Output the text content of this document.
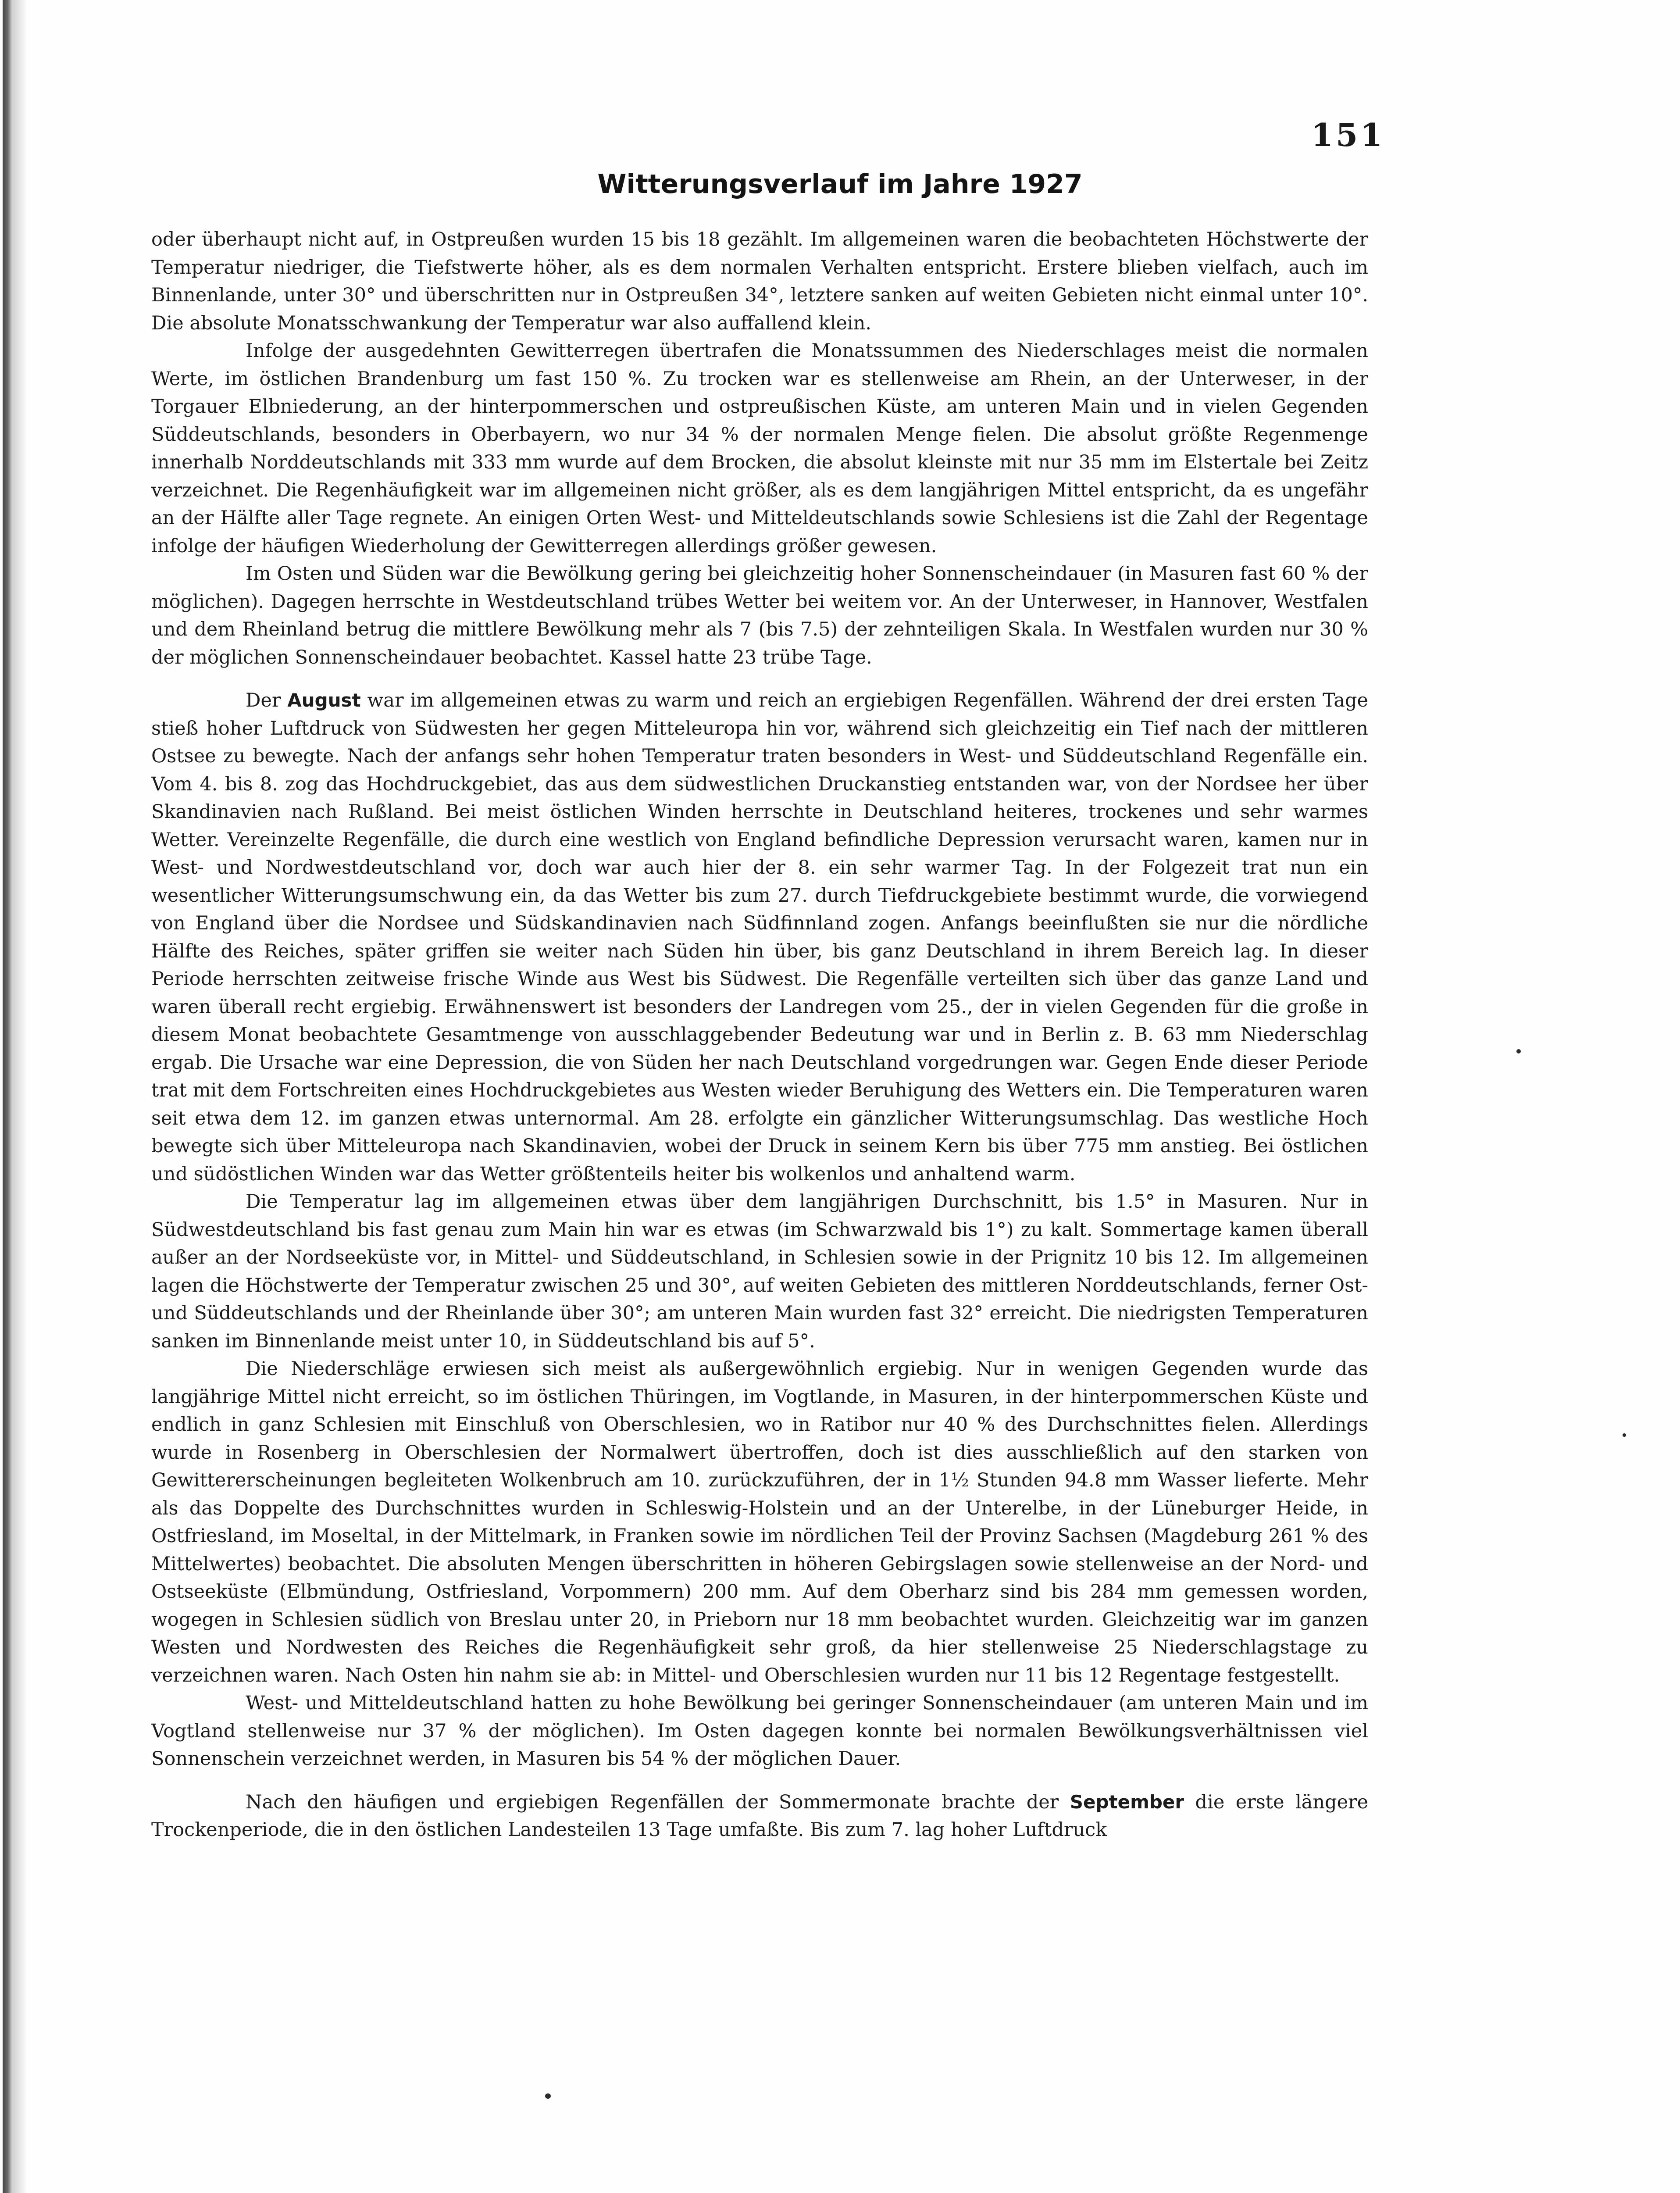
151
Witterungsverlauf im Jahre 1927

oder überhaupt nicht auf, in Ostpreußen wurden 15 bis 18 gezählt. Im allgemeinen waren die beobachteten Höchstwerte der Temperatur niedriger, die Tiefstwerte höher, als es dem normalen Verhalten entspricht. Erstere blieben vielfach, auch im Binnenlande, unter 30° und überschritten nur in Ostpreußen 34°, letztere sanken auf weiten Gebieten nicht einmal unter 10°. Die absolute Monatsschwankung der Temperatur war also auffallend klein.

Infolge der ausgedehnten Gewitterregen übertrafen die Monatssummen des Niederschlages meist die normalen Werte, im östlichen Brandenburg um fast 150 %. Zu trocken war es stellenweise am Rhein, an der Unterweser, in der Torgauer Elbniederung, an der hinterpommerschen und ostpreußischen Küste, am unteren Main und in vielen Gegenden Süddeutschlands, besonders in Oberbayern, wo nur 34 % der normalen Menge fielen. Die absolut größte Regenmenge innerhalb Norddeutschlands mit 333 mm wurde auf dem Brocken, die absolut kleinste mit nur 35 mm im Elstertale bei Zeitz verzeichnet. Die Regenhäufigkeit war im allgemeinen nicht größer, als es dem langjährigen Mittel entspricht, da es ungefähr an der Hälfte aller Tage regnete. An einigen Orten West- und Mitteldeutschlands sowie Schlesiens ist die Zahl der Regentage infolge der häufigen Wiederholung der Gewitterregen allerdings größer gewesen.

Im Osten und Süden war die Bewölkung gering bei gleichzeitig hoher Sonnenscheindauer (in Masuren fast 60 % der möglichen). Dagegen herrschte in Westdeutschland trübes Wetter bei weitem vor. An der Unterweser, in Hannover, Westfalen und dem Rheinland betrug die mittlere Bewölkung mehr als 7 (bis 7.5) der zehnteiligen Skala. In Westfalen wurden nur 30 % der möglichen Sonnenscheindauer beobachtet. Kassel hatte 23 trübe Tage.

Der August war im allgemeinen etwas zu warm und reich an ergiebigen Regenfällen. Während der drei ersten Tage stieß hoher Luftdruck von Südwesten her gegen Mitteleuropa hin vor, während sich gleichzeitig ein Tief nach der mittleren Ostsee zu bewegte. Nach der anfangs sehr hohen Temperatur traten besonders in West- und Süddeutschland Regenfälle ein. Vom 4. bis 8. zog das Hochdruckgebiet, das aus dem südwestlichen Druckanstieg entstanden war, von der Nordsee her über Skandinavien nach Rußland. Bei meist östlichen Winden herrschte in Deutschland heiteres, trockenes und sehr warmes Wetter. Vereinzelte Regenfälle, die durch eine westlich von England befindliche Depression verursacht waren, kamen nur in West- und Nordwestdeutschland vor, doch war auch hier der 8. ein sehr warmer Tag. In der Folgezeit trat nun ein wesentlicher Witterungsumschwung ein, da das Wetter bis zum 27. durch Tiefdruckgebiete bestimmt wurde, die vorwiegend von England über die Nordsee und Südskandinavien nach Südfinnland zogen. Anfangs beeinflußten sie nur die nördliche Hälfte des Reiches, später griffen sie weiter nach Süden hin über, bis ganz Deutschland in ihrem Bereich lag. In dieser Periode herrschten zeitweise frische Winde aus West bis Südwest. Die Regenfälle verteilten sich über das ganze Land und waren überall recht ergiebig. Erwähnenswert ist besonders der Landregen vom 25., der in vielen Gegenden für die große in diesem Monat beobachtete Gesamtmenge von ausschlaggebender Bedeutung war und in Berlin z. B. 63 mm Niederschlag ergab. Die Ursache war eine Depression, die von Süden her nach Deutschland vorgedrungen war. Gegen Ende dieser Periode trat mit dem Fortschreiten eines Hochdruckgebietes aus Westen wieder Beruhigung des Wetters ein. Die Temperaturen waren seit etwa dem 12. im ganzen etwas unternormal. Am 28. erfolgte ein gänzlicher Witterungsumschlag. Das westliche Hoch bewegte sich über Mitteleuropa nach Skandinavien, wobei der Druck in seinem Kern bis über 775 mm anstieg. Bei östlichen und südöstlichen Winden war das Wetter größtenteils heiter bis wolkenlos und anhaltend warm.

Die Temperatur lag im allgemeinen etwas über dem langjährigen Durchschnitt, bis 1.5° in Masuren. Nur in Südwestdeutschland bis fast genau zum Main hin war es etwas (im Schwarzwald bis 1°) zu kalt. Sommertage kamen überall außer an der Nordseeküste vor, in Mittel- und Süddeutschland, in Schlesien sowie in der Prignitz 10 bis 12. Im allgemeinen lagen die Höchstwerte der Temperatur zwischen 25 und 30°, auf weiten Gebieten des mittleren Norddeutschlands, ferner Ost- und Süddeutschlands und der Rheinlande über 30°; am unteren Main wurden fast 32° erreicht. Die niedrigsten Temperaturen sanken im Binnenlande meist unter 10, in Süddeutschland bis auf 5°.

Die Niederschläge erwiesen sich meist als außergewöhnlich ergiebig. Nur in wenigen Gegenden wurde das langjährige Mittel nicht erreicht, so im östlichen Thüringen, im Vogtlande, in Masuren, in der hinterpommerschen Küste und endlich in ganz Schlesien mit Einschluß von Oberschlesien, wo in Ratibor nur 40 % des Durchschnittes fielen. Allerdings wurde in Rosenberg in Oberschlesien der Normalwert übertroffen, doch ist dies ausschließlich auf den starken von Gewittererscheinungen begleiteten Wolkenbruch am 10. zurückzuführen, der in 1½ Stunden 94.8 mm Wasser lieferte. Mehr als das Doppelte des Durchschnittes wurden in Schleswig-Holstein und an der Unterelbe, in der Lüneburger Heide, in Ostfriesland, im Moseltal, in der Mittelmark, in Franken sowie im nördlichen Teil der Provinz Sachsen (Magdeburg 261 % des Mittelwertes) beobachtet. Die absoluten Mengen überschritten in höheren Gebirgslagen sowie stellenweise an der Nord- und Ostseeküste (Elbmündung, Ostfriesland, Vorpommern) 200 mm. Auf dem Oberharz sind bis 284 mm gemessen worden, wogegen in Schlesien südlich von Breslau unter 20, in Prieborn nur 18 mm beobachtet wurden. Gleichzeitig war im ganzen Westen und Nordwesten des Reiches die Regenhäufigkeit sehr groß, da hier stellenweise 25 Niederschlagstage zu verzeichnen waren. Nach Osten hin nahm sie ab: in Mittel- und Oberschlesien wurden nur 11 bis 12 Regentage festgestellt.

West- und Mitteldeutschland hatten zu hohe Bewölkung bei geringer Sonnenscheindauer (am unteren Main und im Vogtland stellenweise nur 37 % der möglichen). Im Osten dagegen konnte bei normalen Bewölkungsverhältnissen viel Sonnenschein verzeichnet werden, in Masuren bis 54 % der möglichen Dauer.

Nach den häufigen und ergiebigen Regenfällen der Sommermonate brachte der September die erste längere Trockenperiode, die in den östlichen Landesteilen 13 Tage umfaßte. Bis zum 7. lag hoher Luftdruck
